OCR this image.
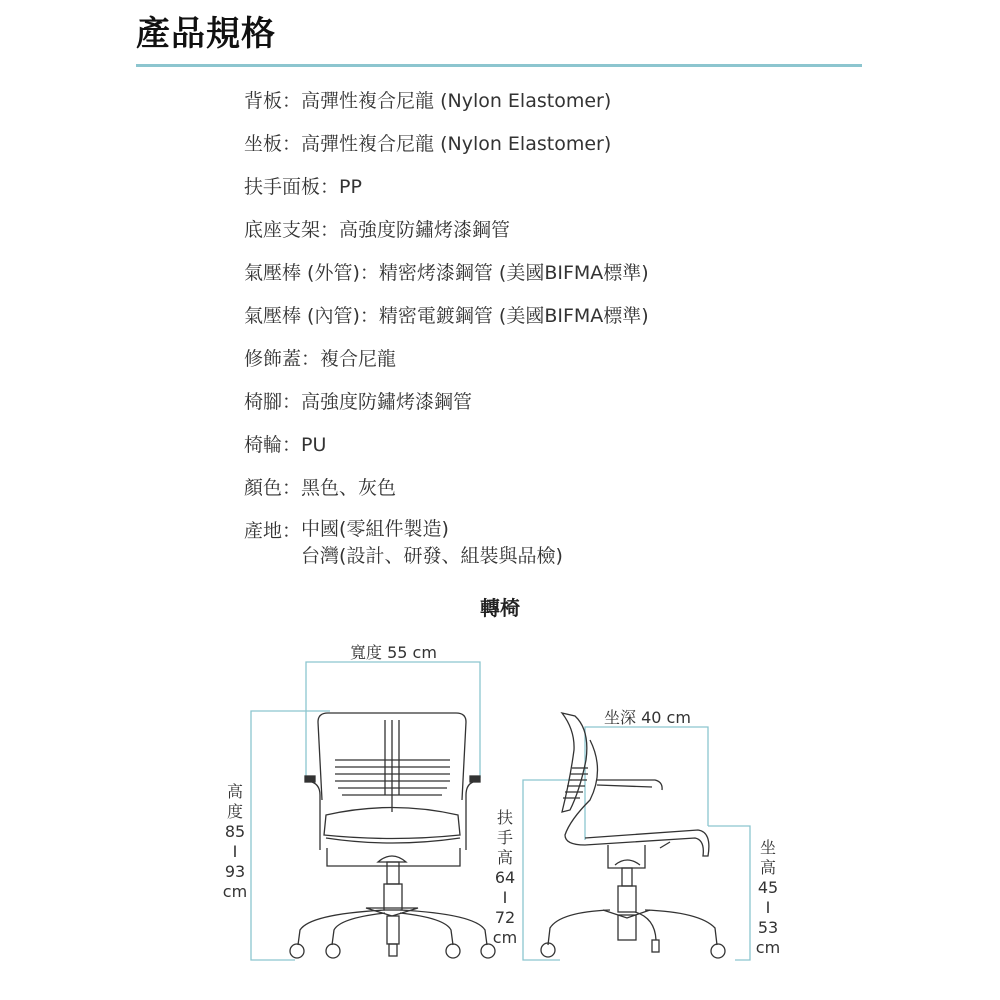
產品規格
背板：高彈性複合尼龍 (Nylon Elastomer)
坐板：高彈性複合尼龍 (Nylon Elastomer)
扶手面板：PP
底座支架：高強度防鏽烤漆鋼管
氣壓棒 (外管)：精密烤漆鋼管 (美國BIFMA標準)
氣壓棒 (內管)：精密電鍍鋼管 (美國BIFMA標準)
修飾蓋：複合尼龍
椅腳：高強度防鏽烤漆鋼管
椅輪：PU
顏色：黑色、灰色
產地： 中國(零組件製造)
台灣(設計、研發、組裝與品檢)
轉椅
寬度 55 cm
坐深 40 cm
高
度
85
I
93
cm
扶
手
高
64
I
72
cm
坐
高
45
I
53
cm
